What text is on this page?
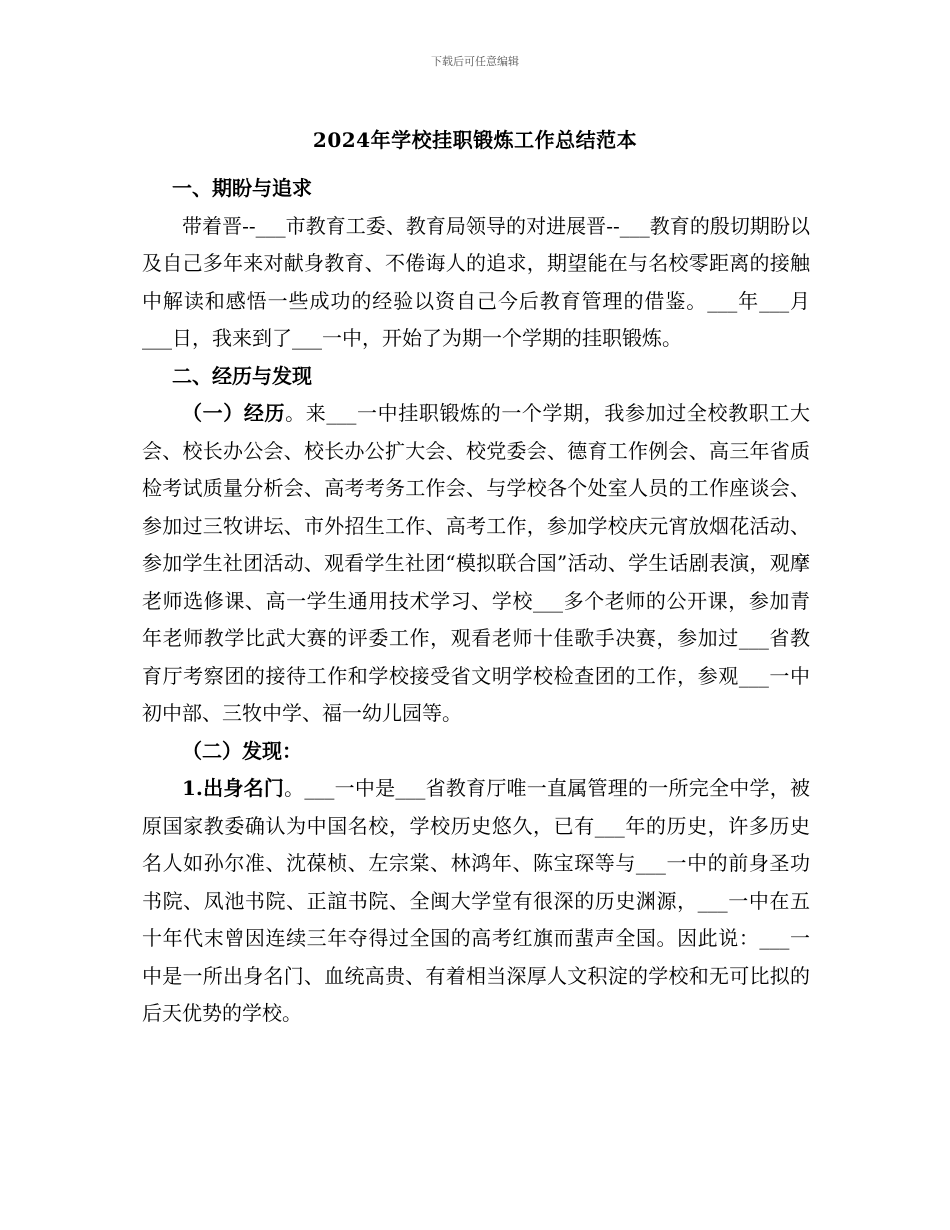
下载后可任意编辑
2024年学校挂职锻炼工作总结范本
一、期盼与追求

带着晋--___市教育工委、教育局领导的对进展晋--___教育的殷切期盼以及自己多年来对献身教育、不倦诲人的追求，期望能在与名校零距离的接触中解读和感悟一些成功的经验以资自己今后教育管理的借鉴。___年___月___日，我来到了___一中，开始了为期一个学期的挂职锻炼。

二、经历与发现

（一）经历。来___一中挂职锻炼的一个学期，我参加过全校教职工大会、校长办公会、校长办公扩大会、校党委会、德育工作例会、高三年省质检考试质量分析会、高考考务工作会、与学校各个处室人员的工作座谈会、参加过三牧讲坛、市外招生工作、高考工作，参加学校庆元宵放烟花活动、参加学生社团活动、观看学生社团“模拟联合国”活动、学生话剧表演，观摩老师选修课、高一学生通用技术学习、学校___多个老师的公开课，参加青年老师教学比武大赛的评委工作，观看老师十佳歌手决赛，参加过___省教育厅考察团的接待工作和学校接受省文明学校检查团的工作，参观___一中初中部、三牧中学、福一幼儿园等。

（二）发现：

1.出身名门。___一中是___省教育厅唯一直属管理的一所完全中学，被原国家教委确认为中国名校，学校历史悠久，已有___年的历史，许多历史名人如孙尔准、沈葆桢、左宗棠、林鸿年、陈宝琛等与___一中的前身圣功书院、凤池书院、正誼书院、全闽大学堂有很深的历史渊源，___一中在五十年代末曾因连续三年夺得过全国的高考红旗而蜚声全国。因此说：___一中是一所出身名门、血统高贵、有着相当深厚人文积淀的学校和无可比拟的后天优势的学校。
